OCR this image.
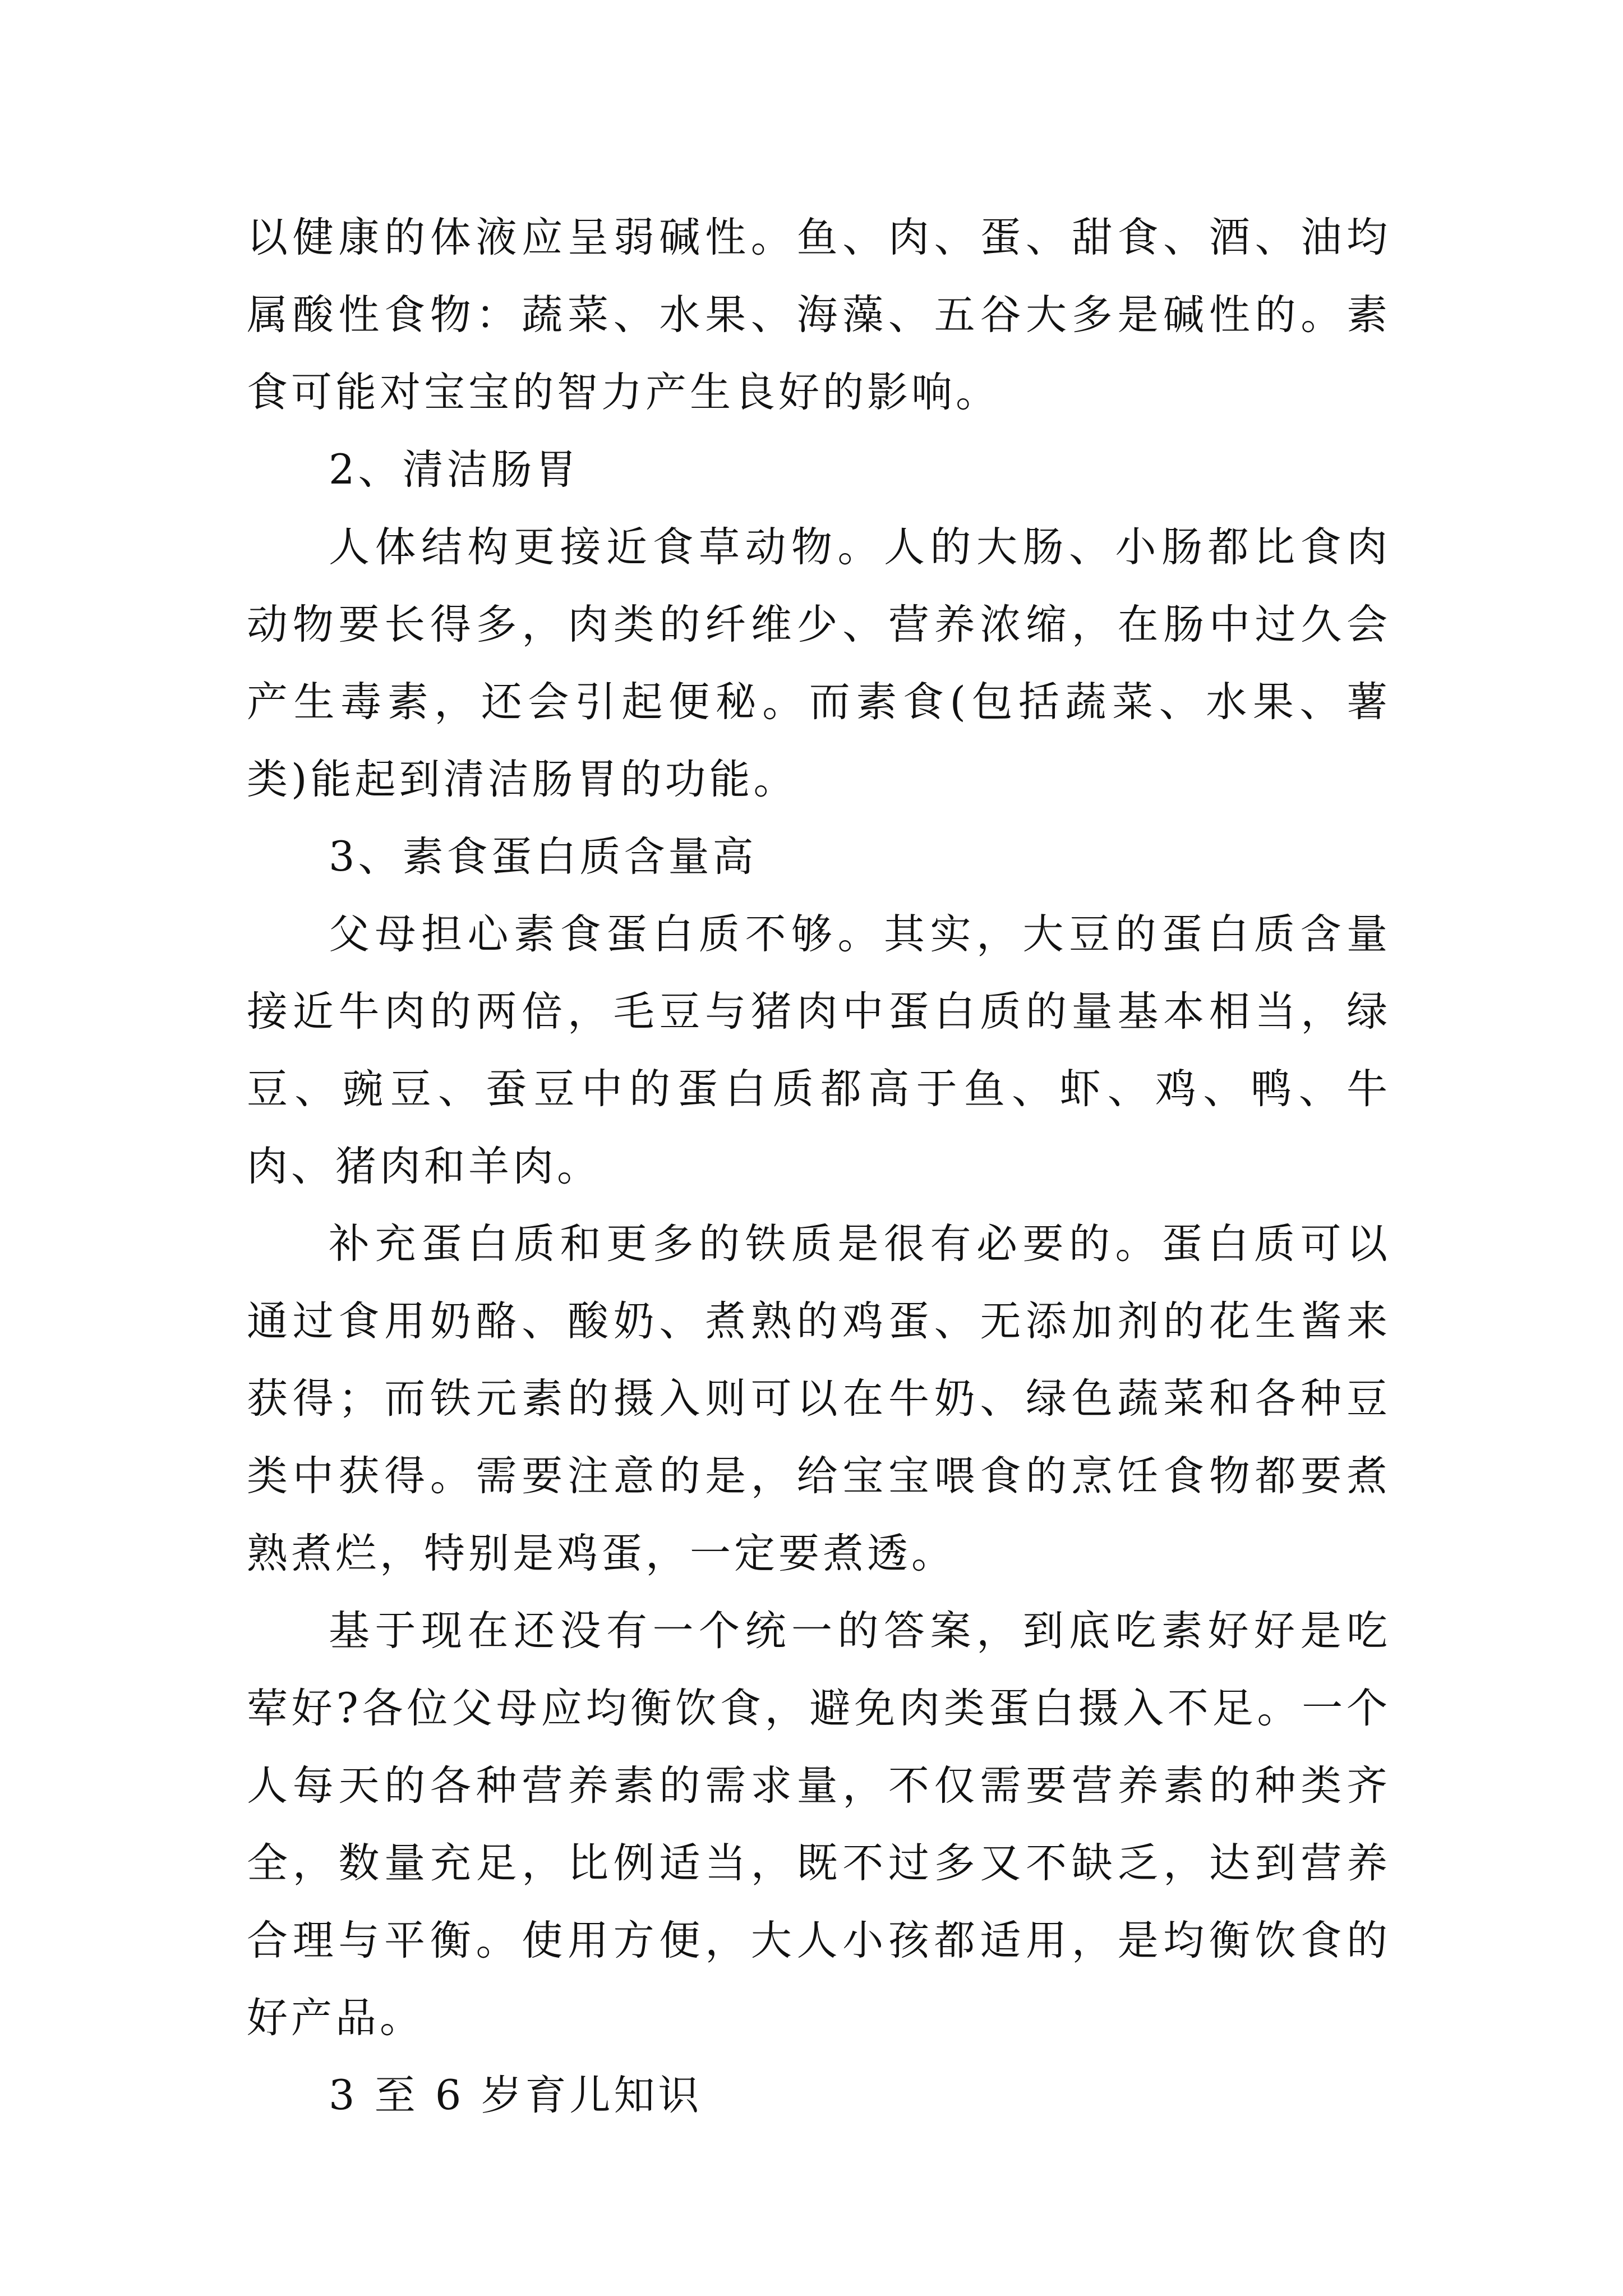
以健康的体液应呈弱碱性。鱼、肉、蛋、甜食、酒、油均属酸性食物：蔬菜、水果、海藻、五谷大多是碱性的。素食可能对宝宝的智力产生良好的影响。

2、清洁肠胃

人体结构更接近食草动物。人的大肠、小肠都比食肉动物要长得多，肉类的纤维少、营养浓缩，在肠中过久会产生毒素，还会引起便秘。而素食(包括蔬菜、水果、薯类)能起到清洁肠胃的功能。

3、素食蛋白质含量高

父母担心素食蛋白质不够。其实，大豆的蛋白质含量接近牛肉的两倍，毛豆与猪肉中蛋白质的量基本相当，绿豆、豌豆、蚕豆中的蛋白质都高于鱼、虾、鸡、鸭、牛肉、猪肉和羊肉。

补充蛋白质和更多的铁质是很有必要的。蛋白质可以通过食用奶酪、酸奶、煮熟的鸡蛋、无添加剂的花生酱来获得；而铁元素的摄入则可以在牛奶、绿色蔬菜和各种豆类中获得。需要注意的是，给宝宝喂食的烹饪食物都要煮熟煮烂，特别是鸡蛋，一定要煮透。

基于现在还没有一个统一的答案，到底吃素好好是吃荤好?各位父母应均衡饮食，避免肉类蛋白摄入不足。一个人每天的各种营养素的需求量，不仅需要营养素的种类齐全，数量充足，比例适当，既不过多又不缺乏，达到营养合理与平衡。使用方便，大人小孩都适用，是均衡饮食的好产品。

3 至 6 岁育儿知识
